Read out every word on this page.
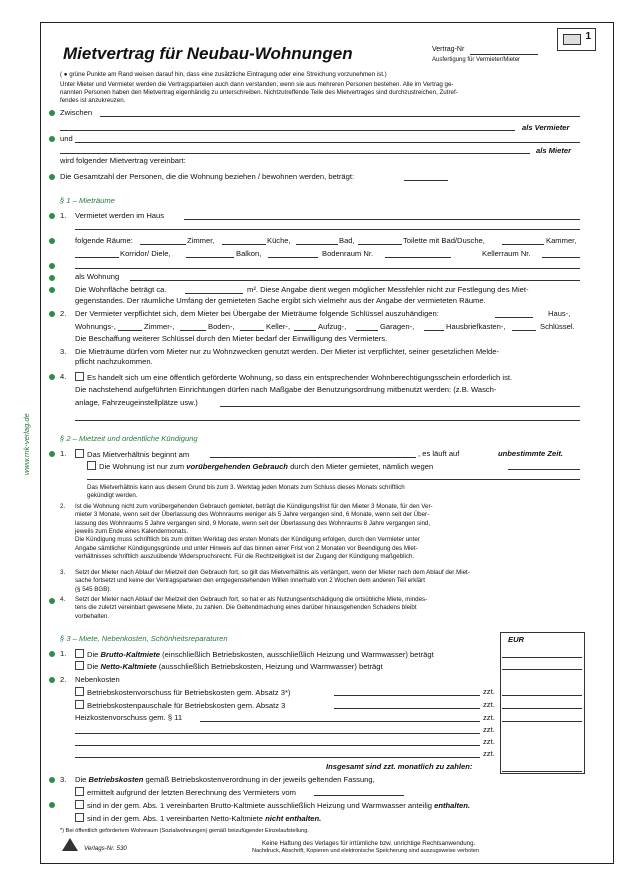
www.rnk-verlag.de
Mietvertrag für Neubau-Wohnungen	Vertrag-Nr
Ausfertigung für Vermieter/Mieter
1
( ● grüne Punkte am Rand weisen darauf hin, dass eine zusätzliche Eintragung oder eine Streichung vorzunehmen ist.)
Unter Mieter und Vermieter werden die Vertragsparteien auch dann verstanden, wenn sie aus mehreren Personen bestehen. Alle im Vertrag ge-
nannten Personen haben den Mietvertrag eigenhändig zu unterschreiben. Nichtzutreffende Teile des Mietvertrages sind durchzustreichen, Zutref-
fendes ist anzukreuzen.
Zwischen
als Vermieter
und
als Mieter
wird folgender Mietvertrag vereinbart:
Die Gesamtzahl der Personen, die die Wohnung beziehen / bewohnen werden, beträgt:
§ 1 – Mieträume
1. Vermietet werden im Haus
folgende Räume:	Zimmer,	Küche,	Bad,	Toilette mit Bad/Dusche,	Kammer,
Korridor/ Diele,	Balkon,	Bodenraum Nr.	Kellerraum Nr.
als Wohnung
Die Wohnfläche beträgt ca.	m². Diese Angabe dient wegen möglicher Messfehler nicht zur Festlegung des Miet-
gegenstandes. Der räumliche Umfang der gemieteten Sache ergibt sich vielmehr aus der Angabe der vermieteten Räume.
2. Der Vermieter verpflichtet sich, dem Mieter bei Übergabe der Mieträume folgende Schlüssel auszuhändigen:	Haus-,
Wohnungs-,	Zimmer-,	Boden-,	Keller-,	Aufzug-,	Garagen-,	Hausbriefkasten-,	Schlüssel.
Die Beschaffung weiterer Schlüssel durch den Mieter bedarf der Einwilligung des Vermieters.
3. Die Mieträume dürfen vom Mieter nur zu Wohnzwecken genutzt werden. Der Mieter ist verpflichtet, seiner gesetzlichen Melde-
pflicht nachzukommen.
4.	Es handelt sich um eine öffentlich geförderte Wohnung, so dass ein entsprechender Wohnberechtigungsschein erforderlich ist.
Die nachstehend aufgeführten Einrichtungen dürfen nach Maßgabe der Benutzungsordnung mitbenutzt werden: (z.B. Wasch-
anlage, Fahrzeugeinstellplätze usw.)
§ 2 – Mietzeit und ordentliche Kündigung
1.	Das Mietverhältnis beginnt am	, es läuft auf	unbestimmte Zeit.
Die Wohnung ist nur zum vorübergehenden Gebrauch durch den Mieter gemietet, nämlich wegen
Das Mietverhältnis kann aus diesem Grund bis zum 3. Werktag jeden Monats zum Schluss dieses Monats schriftlich
gekündigt werden.
2. Ist die Wohnung nicht zum vorübergehenden Gebrauch gemietet, beträgt die Kündigungsfrist für den Mieter 3 Monate, für den Ver-
mieter 3 Monate, wenn seit der Überlassung des Wohnraums weniger als 5 Jahre vergangen sind, 6 Monate, wenn seit der Über-
lassung des Wohnraums 5 Jahre vergangen sind, 9 Monate, wenn seit der Überlassung des Wohnraums 8 Jahre vergangen sind,
jeweils zum Ende eines Kalendermonats.
Die Kündigung muss schriftlich bis zum dritten Werktag des ersten Monats der Kündigung erfolgen, durch den Vermieter unter
Angabe sämtlicher Kündigungsgründe und unter Hinweis auf das binnen einer Frist von 2 Monaten vor Beendigung des Miet-
verhältnisses schriftlich auszuübende Widerspruchsrecht. Für die Rechtzeitigkeit ist der Zugang der Kündigung maßgeblich.
3. Setzt der Mieter nach Ablauf der Mietzeit den Gebrauch fort, so gilt das Mietverhältnis als verlängert, wenn der Mieter nach dem Ablauf der Miet-
sache fortsetzt und keine der Vertragsparteien den entgegenstehenden Willen innerhalb von 2 Wochen dem anderen Teil erklärt
(§ 545 BGB).
4. Setzt der Mieter nach Ablauf der Mietzeit den Gebrauch fort, so hat er als Nutzungsentschädigung die ortsübliche Miete, mindes-
tens die zuletzt vereinbart gewesene Miete, zu zahlen. Die Geltendmachung eines darüber hinausgehenden Schadens bleibt
vorbehalten.
§ 3 – Miete, Nebenkosten, Schönheitsreparaturen	EUR
1.	Die Brutto-Kaltmiete (einschließlich Betriebskosten, ausschließlich Heizung und Warmwasser) beträgt
Die Netto-Kaltmiete (ausschließlich Betriebskosten, Heizung und Warmwasser) beträgt
2. Nebenkosten
Betriebskostenvorschuss für Betriebskosten gem. Absatz 3*)	zzt.
Betriebskostenpauschale für Betriebskosten gem. Absatz 3	zzt.
Heizkostenvorschuss gem. § 11	zzt.
zzt.
zzt.
zzt.
Insgesamt sind zzt. monatlich zu zahlen:
3. Die Betriebskosten gemäß Betriebskostenverordnung in der jeweils geltenden Fassung,
ermittelt aufgrund der letzten Berechnung des Vermieters vom
sind in der gem. Abs. 1 vereinbarten Brutto-Kaltmiete ausschließlich Heizung und Warmwasser anteilig enthalten.
sind in der gem. Abs. 1 vereinbarten Netto-Kaltmiete nicht enthalten.
*) Bei öffentlich gefördertem Wohnraum (Sozialwohnungen) gemäß beizufügender Einzelaufstellung.
Verlags-Nr. 530
Keine Haftung des Verlages für irrtümliche bzw. unrichtige Rechtsanwendung.
Nachdruck, Abschrift, Kopieren und elektronische Speicherung sind auszugsweise verboten
